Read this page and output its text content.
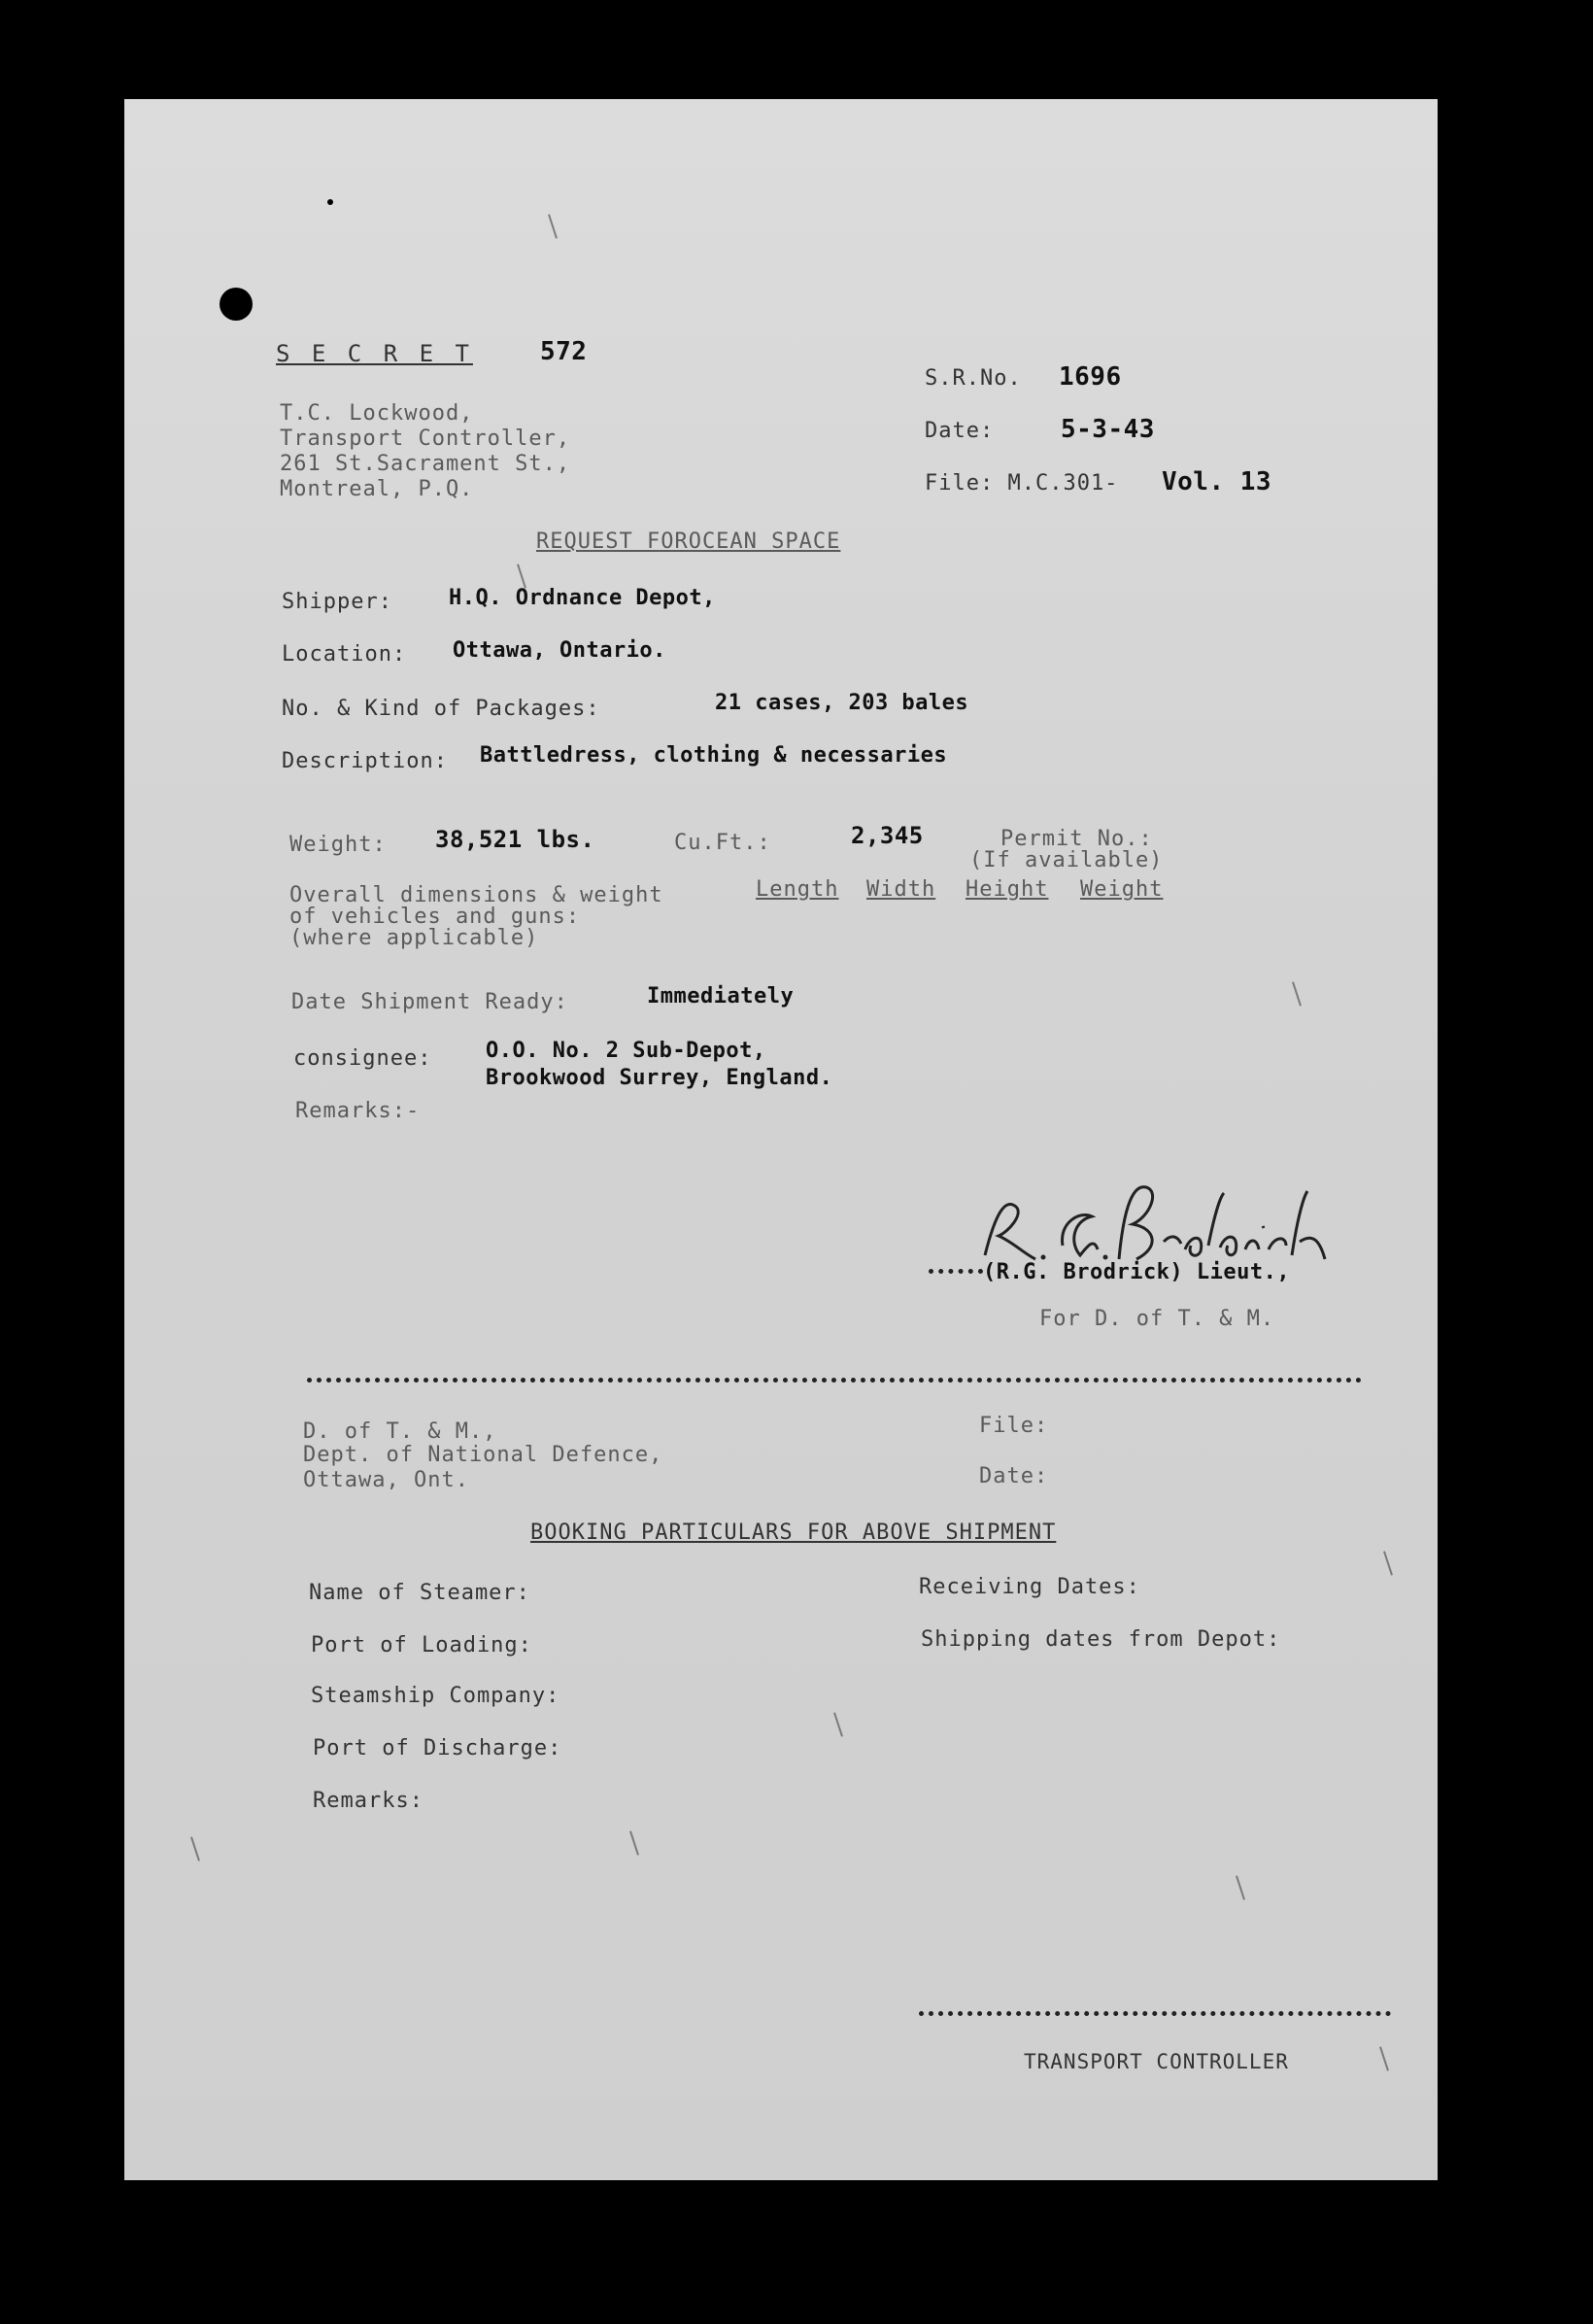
S E C R E T	572
S.R.No. 1696
Date:	5-3-43
File: M.C.301- Vol. 13
T.C. Lockwood,
Transport Controller,
261 St.Sacrament St.,
Montreal, P.Q.
REQUEST FOROCEAN SPACE
Shipper:	H.Q. Ordnance Depot,
Location: Ottawa, Ontario.
No. & Kind of Packages:	21 cases, 203 bales
Description: Battledress, clothing & necessaries
Weight: 38,521 lbs.	Cu.Ft.:	2,345	Permit No.:
(If available)
Overall dimensions & weight
of vehicles and guns:
(where applicable)
Length Width Height Weight
Date Shipment Ready:	Immediately
consignee:	O.O. No. 2 Sub-Depot,
Brookwood Surrey, England.
Remarks:-
(R.G. Brodrick) Lieut.,
For D. of T. & M.
D. of T. & M.,
Dept. of National Defence,
Ottawa, Ont.
File:
Date:
BOOKING PARTICULARS FOR ABOVE SHIPMENT
Name of Steamer:
Port of Loading:
Steamship Company:
Port of Discharge:
Remarks:
Receiving Dates:
Shipping dates from Depot:
TRANSPORT CONTROLLER
